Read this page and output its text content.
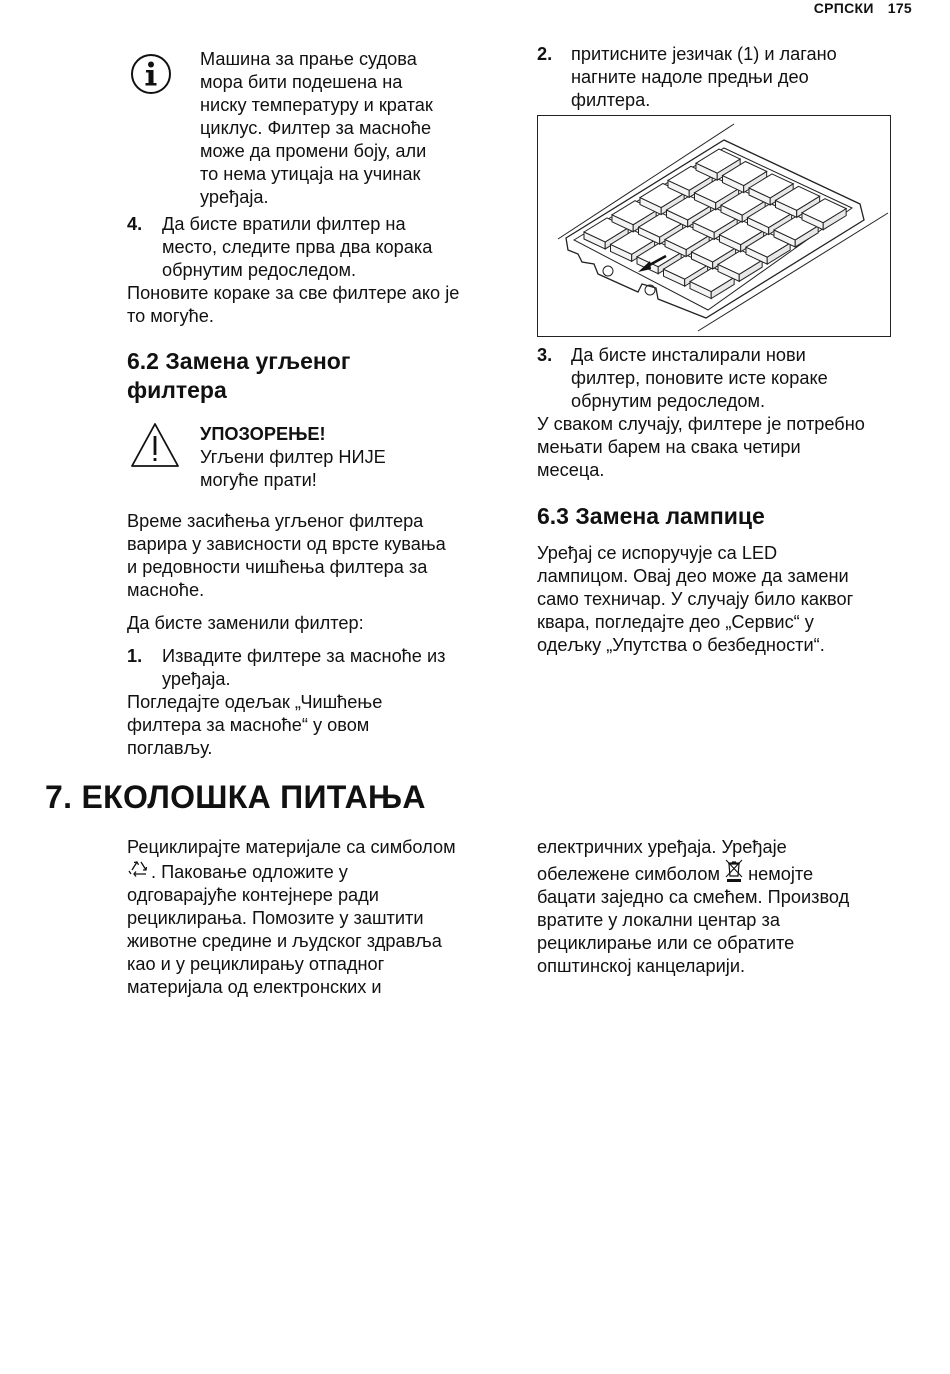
СРПСКИ 175

Машина за прање судова
мора бити подешена на
ниску температуру и кратак
циклус. Филтер за масноће
може да промени боју, али
то нема утицаја на учинак
уређаја.

4. Да бисте вратили филтер на
место, следите прва два корака
обрнутим редоследом.

Поновите кораке за све филтере ако је
то могуће.

6.2 Замена угљеног
филтера

УПОЗОРЕЊЕ!
Угљени филтер НИЈЕ
могуће прати!

Време засићења угљеног филтера
варира у зависности од врсте кувања
и редовности чишћења филтера за
масноће.

Да бисте заменили филтер:

1. Извадите филтере за масноће из
уређаја.

Погледајте одељак „Чишћење
филтера за масноће“ у овом
поглављу.

2. притисните језичак (1) и лагано
нагните надоле предњи део
филтера.

3. Да бисте инсталирали нови
филтер, поновите исте кораке
обрнутим редоследом.

У сваком случају, филтере је потребно
мењати барем на свака четири
месеца.

6.3 Замена лампице

Уређај се испоручује са LED
лампицом. Овај део може да замени
само техничар. У случају било каквог
квара, погледајте део „Сервис“ у
одељку „Упутства о безбедности“.

7. ЕКОЛОШКА ПИТАЊА

Рециклирајте материјале са симболом
. Паковање одложите у
одговарајуће контејнере ради
рециклирања. Помозите у заштити
животне средине и људског здравља
као и у рециклирању отпадног
материјала од електронских и

електричних уређаја. Уређаје
обележене симболом немојте
бацати заједно са смећем. Производ
вратите у локални центар за
рециклирање или се обратите
општинској канцеларији.
